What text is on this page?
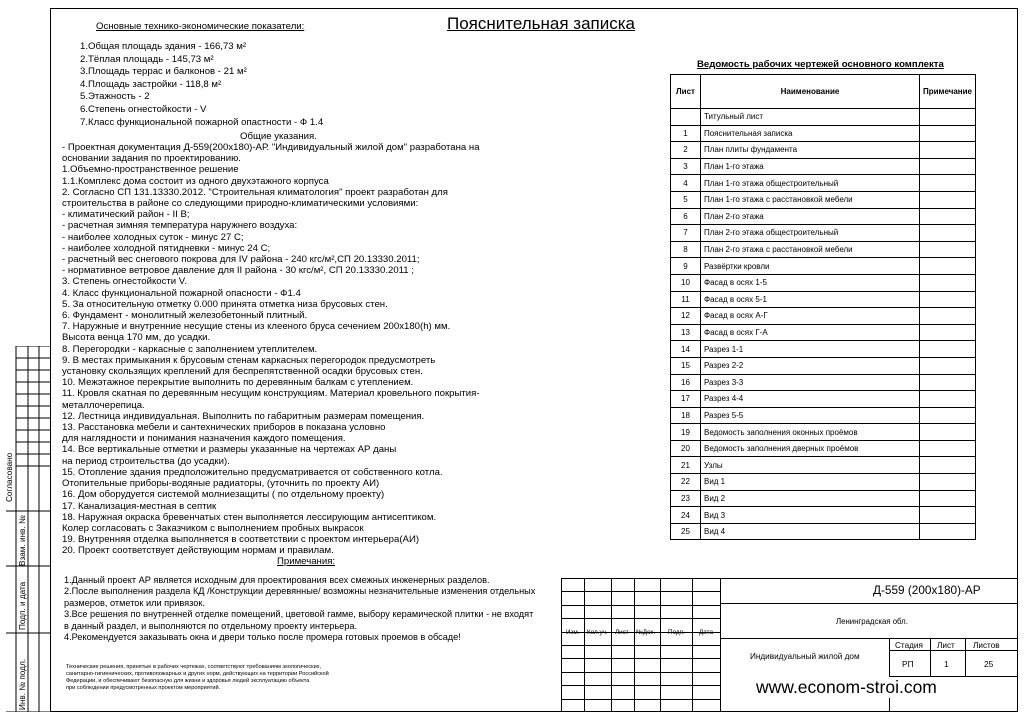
Пояснительная записка
Основные технико-экономические показатели:
1.Общая площадь здания - 166,73 м²
2.Тёплая площадь - 145,73 м²
3.Площадь террас и балконов - 21 м²
4.Площадь застройки - 118,8 м²
5.Этажность - 2
6.Степень огнестойкости - V
7.Класс функциональной пожарной опастности - Ф 1.4
Общие указания.
- Проектная документация Д-559(200х180)-АР. "Индивидуальный жилой дом" разработана на
основании задания по проектированию.
1.Объемно-пространственное решение
1.1.Комплекс дома состоит из одного двухэтажного корпуса
2. Согласно СП 131.13330.2012. "Строительная климатология" проект разработан для
строительства в районе со следующими природно-климатическими условиями:
- климатический район - II B;
- расчетная зимняя температура наружнего воздуха:
- наиболее холодных суток - минус 27 С;
- наиболее холодной пятидневки - минус 24 С;
- расчетный вес снегового покрова для IV района - 240 кгс/м²,СП 20.13330.2011;
- нормативное ветровое давление для II района - 30 кгс/м², СП 20.13330.2011 ;
3. Степень огнестойкости V.
4. Класс функциональной пожарной опасности - Ф1.4
5. За относительную отметку 0.000 принята отметка низа брусовых стен.
6. Фундамент - монолитный железобетонный плитный.
7. Наружные и внутренние несущие стены из клееного бруса сечением 200х180(h) мм.
Высота венца 170 мм, до усадки.
8. Перегородки - каркасные с заполнением утеплителем.
9. В местах примыкания к брусовым стенам каркасных перегородок предусмотреть
установку скользящих креплений для беспрепятственной осадки брусовых стен.
10. Межэтажное перекрытие выполнить по деревянным балкам с утеплением.
11. Кровля скатная по деревянным несущим конструкциям. Материал кровельного покрытия-
металлочерепица.
12. Лестница индивидуальная. Выполнить по габаритным размерам помещения.
13. Расстановка мебели и сантехнических приборов в показана условно
для наглядности и понимания назначения каждого помещения.
14. Все вертикальные отметки и размеры указанные на чертежах АР даны
на период строительства (до усадки).
15. Отопление здания предположительно предусматривается от собственного котла.
Отопительные приборы-водяные радиаторы, (уточнить по проекту АИ)
16. Дом оборудуется системой молниезащиты ( по отдельному проекту)
17. Канализация-местная в септик
18. Наружная окраска бревенчатых стен выполняется лессирующим антисептиком.
Колер согласовать с Заказчиком с выполнением пробных выкрасок
19. Внутренняя отделка выполняется в соответствии с проектом интерьера(АИ)
20. Проект соответствует действующим нормам и правилам.
Примечания:
1.Данный проект АР является исходным для проектирования всех смежных инженерных разделов.
2.После выполнения раздела КД /Конструкции деревянные/ возможны незначительные изменения отдельных
размеров, отметок или привязок.
3.Все решения по внутренней отделке помещений, цветовой гамме, выбору керамической плитки - не входят
в данный раздел, и выполняются по отдельному проекту интерьера.
4.Рекомендуется заказывать окна и двери только после промера готовых проемов в обсаде!
Технические решения, принятые в рабочих чертежах, соответствуют требованиям экологических,
санитарно-гигиенических, противопожарных и других норм, действующих на территории Российской
Федерации, и обеспечивают безопасную для жизни и здоровья людей эксплуатацию объекта
при соблюдении предусмотренных проектом мероприятий.
Ведомость рабочих чертежей основного комплекта
Лист	Наименование	Примечание
	Титульный лист	
1	Пояснительная записка	
2	План плиты фундамента	
3	План 1-го этажа	
4	План 1-го этажа общестроительный	
5	План 1-го этажа с расстановкой мебели	
6	План 2-го этажа	
7	План 2-го этажа общестроительный	
8	План 2-го этажа с расстановкой мебели	
9	Развёртки кровли	
10	Фасад в осях 1-5	
11	Фасад в осях 5-1	
12	Фасад в осях А-Г	
13	Фасад в осях Г-А	
14	Разрез 1-1	
15	Разрез 2-2	
16	Разрез 3-3	
17	Разрез 4-4	
18	Разрез 5-5	
19	Ведомость заполнения оконных проёмов	
20	Ведомость заполнения дверных проёмов	
21	Узлы	
22	Вид 1	
23	Вид 2	
24	Вид 3	
25	Вид 4	
Изм. Кол.уч. Лист №Док. Подп. Дата
Д-559 (200х180)-АР
Ленинградская обл.
Индивидуальный жилой дом
Стадия Лист Листов
РП	1	25
www.econom-stroi.com
Согласовано
Взам. инв. №
Подп. и дата
Инв. № подл.
